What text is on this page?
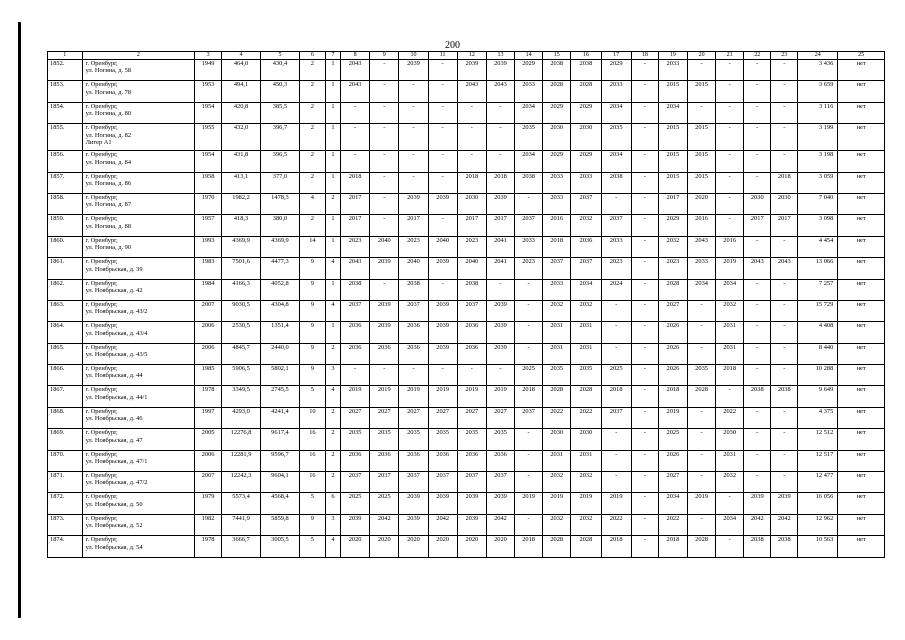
200
1	2	3	4	5	6	7	8	9	10	11	12	13	14	15	16	17	18	19	20	21	22	23	24	25
1852.	г. Оренбург,
ул. Ногина, д. 58	1949	464,0	430,4	2	1	2043	-	2039	-	2039	2039	2029	2038	2038	2029	-	2033	-	-	-	-	3 436	нет
1853.	г. Оренбург,
ул. Ногина, д. 78	1953	494,1	450,3	2	1	2043	-	-	-	2043	2043	2033	2028	2028	2033	-	2015	2015	-	-	-	3 659	нет
1854.	г. Оренбург,
ул. Ногина, д. 80	1954	420,8	385,5	2	1	-	-	-	-	-	-	2034	2029	2029	2034	-	2034	-	-	-	-	3 116	нет
1855.	г. Оренбург,
ул. Ногина, д. 82
Литер А1	1955	432,0	396,7	2	1	-	-	-	-	-	-	2035	2030	2030	2035	-	2015	2015	-	-	-	3 199	нет
1856.	г. Оренбург,
ул. Ногина, д. 84	1954	431,8	396,5	2	1	-	-	-	-	-	-	2034	2029	2029	2034	-	2015	2015	-	-	-	3 198	нет
1857.	г. Оренбург,
ул. Ногина, д. 86	1958	413,1	377,0	2	1	2018	-	-	-	2018	2018	2038	2033	2033	2038	-	2015	2015	-	-	2018	3 059	нет
1858.	г. Оренбург,
ул. Ногина, д. 87	1970	1982,2	1478,3	4	2	2017	-	2039	2039	2030	2039	-	2033	2037	-	-	2017	2020	-	2030	2030	7 040	нет
1859.	г. Оренбург,
ул. Ногина, д. 88	1957	418,3	380,0	2	1	2017	-	2017	-	2017	2017	2037	2016	2032	2037	-	2029	2016	-	2017	2017	3 098	нет
1860.	г. Оренбург,
ул. Ногина, д. 90	1993	4369,9	4369,9	14	1	2023	2040	2023	2040	2023	2041	2033	2018	2036	2033	-	2032	2043	2016	-	-	4 454	нет
1861.	г. Оренбург,
ул. Ноябрьская, д. 39	1983	7501,6	4477,3	9	4	2043	2039	2040	2039	2040	2041	2023	2037	2037	2023	-	2023	2033	2019	2043	2043	13 066	нет
1862.	г. Оренбург,
ул. Ноябрьская, д. 42	1984	4166,3	4052,8	9	1	2038	-	2038	-	2038	-	-	2033	2034	2024	-	2028	2034	2034	-	-	7 257	нет
1863.	г. Оренбург,
ул. Ноябрьская, д. 43/2	2007	9030,5	4304,8	9	4	2037	2039	2037	2039	2037	2039	-	2032	2032	-	-	2027	-	2032	-	-	15 729	нет
1864.	г. Оренбург,
ул. Ноябрьская, д. 43/4	2006	2530,5	1351,4	9	1	2036	2039	2036	2039	2036	2039	-	2031	2031	-	-	2026	-	2031	-	-	4 408	нет
1865.	г. Оренбург,
ул. Ноябрьская, д. 43/5	2006	4845,7	2440,0	9	2	2036	2036	2036	2039	2036	2039	-	2031	2031	-	-	2026	-	2031	-	-	8 440	нет
1866.	г. Оренбург,
ул. Ноябрьская, д. 44	1985	5906,5	5802,1	9	3	-	-	-	-	-	-	2025	2035	2035	2025	-	2026	2035	2018	-	-	10 288	нет
1867.	г. Оренбург,
ул. Ноябрьская, д. 44/1	1978	3349,5	2745,5	5	4	2019	2019	2019	2019	2019	2019	2018	2028	2028	2018	-	2018	2028	-	2038	2038	9 649	нет
1868.	г. Оренбург,
ул. Ноябрьская, д. 46	1997	4293,0	4241,4	10	2	2027	2027	2027	2027	2027	2027	2037	2022	2022	2037	-	2019	-	2022	-	-	4 375	нет
1869.	г. Оренбург,
ул. Ноябрьская, д. 47	2005	12276,8	9617,4	16	2	2035	2035	2035	2035	2035	2035	-	2030	2030	-	-	2025	-	2030	-	-	12 512	нет
1870.	г. Оренбург,
ул. Ноябрьская, д. 47/1	2006	12281,9	9596,7	16	2	2036	2036	2036	2036	2036	2036	-	2031	2031	-	-	2026	-	2031	-	-	12 517	нет
1871.	г. Оренбург,
ул. Ноябрьская, д. 47/2	2007	12242,3	9604,1	16	2	2037	2037	2037	2037	2037	2037	-	2032	2032	-	-	2027	-	2032	-	-	12 477	нет
1872.	г. Оренбург,
ул. Ноябрьская, д. 50	1979	5573,4	4568,4	5	6	2025	2025	2039	2039	2039	2039	2019	2019	2019	2019	-	2034	2019	-	2039	2039	16 056	нет
1873.	г. Оренбург,
ул. Ноябрьская, д. 52	1982	7441,9	5859,8	9	3	2039	2042	2039	2042	2039	2042	-	2032	2032	2022	-	2022	-	2034	2042	2042	12 962	нет
1874.	г. Оренбург,
ул. Ноябрьская, д. 54	1978	3666,7	3005,5	5	4	2020	2020	2020	2020	2020	2020	2018	2028	2028	2018	-	2018	2028	-	2038	2038	10 563	нет
